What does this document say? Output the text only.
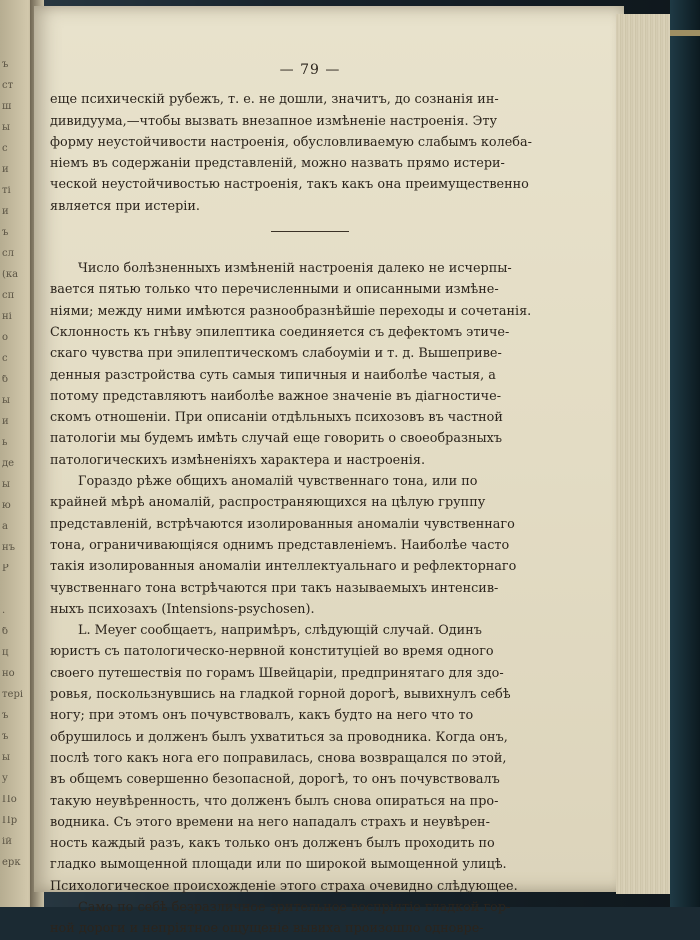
ъ
ст
ш
ы
с
и
ті
и
ъ
сл
(ка
сп
ні
о
с
б
ы
и
ь
де
ы
ю
а
нъ
Р
.
б
ц
но
тері
ъ
ъ
ы
у
По
Пр
ій
ерк
— 79 —
еще психическій рубежъ, т. е. не дошли, значитъ, до сознанія ин-
дивидуума,—чтобы вызвать внезапное измѣненіе настроенія. Эту
форму неустойчивости настроенія, обусловливаемую слабымъ колеба-
ніемъ въ содержаніи представленій, можно назвать прямо истери-
ческой неустойчивостью настроенія, такъ какъ она преимущественно
является при истеріи.
Число болѣзненныхъ измѣненій настроенія далеко не исчерпы-
вается пятью только что перечисленными и описанными измѣне-
ніями; между ними имѣются разнообразнѣйшіе переходы и сочетанія.
Склонность къ гнѣву эпилептика соединяется съ дефектомъ этиче-
скаго чувства при эпилептическомъ слабоуміи и т. д. Вышеприве-
денныя разстройства суть самыя типичныя и наиболѣе частыя, а
потому представляютъ наиболѣе важное значеніе въ діагностиче-
скомъ отношеніи. При описаніи отдѣльныхъ психозовъ въ частной
патологіи мы будемъ имѣть случай еще говорить о своеобразныхъ
патологическихъ измѣненіяхъ характера и настроенія.
Гораздо рѣже общихъ аномалій чувственнаго тона, или по
крайней мѣрѣ аномалій, распространяющихся на цѣлую группу
представленій, встрѣчаются изолированныя аномаліи чувственнаго
тона, ограничивающіяся однимъ представленіемъ. Наиболѣе часто
такія изолированныя аномаліи интеллектуальнаго и рефлекторнаго
чувственнаго тона встрѣчаются при такъ называемыхъ интенсив-
ныхъ психозахъ (Intensions-psychosen).
L. Meyer сообщаетъ, напримѣръ, слѣдующій случай. Одинъ
юристъ съ патологическо-нервной конституціей во время одного
своего путешествія по горамъ Швейцаріи, предпринятаго для здо-
ровья, поскользнувшись на гладкой горной дорогѣ, вывихнулъ себѣ
ногу; при этомъ онъ почувствовалъ, какъ будто на него что то
обрушилось и долженъ былъ ухватиться за проводника. Когда онъ,
послѣ того какъ нога его поправилась, снова возвращался по этой,
въ общемъ совершенно безопасной, дорогѣ, то онъ почувствовалъ
такую неувѣренность, что долженъ былъ снова опираться на про-
водника. Съ этого времени на него нападалъ страхъ и неувѣрен-
ность каждый разъ, какъ только онъ долженъ былъ проходить по
гладко вымощенной площади или по широкой вымощенной улицѣ.
Психологическое происхожденіе этого страха очевидно слѣдующее.
Само по себѣ безразличное зрительное воспріятіе гладкой гор-
ной дороги и непріятное ощущеніе вывиха произошло одновре-
